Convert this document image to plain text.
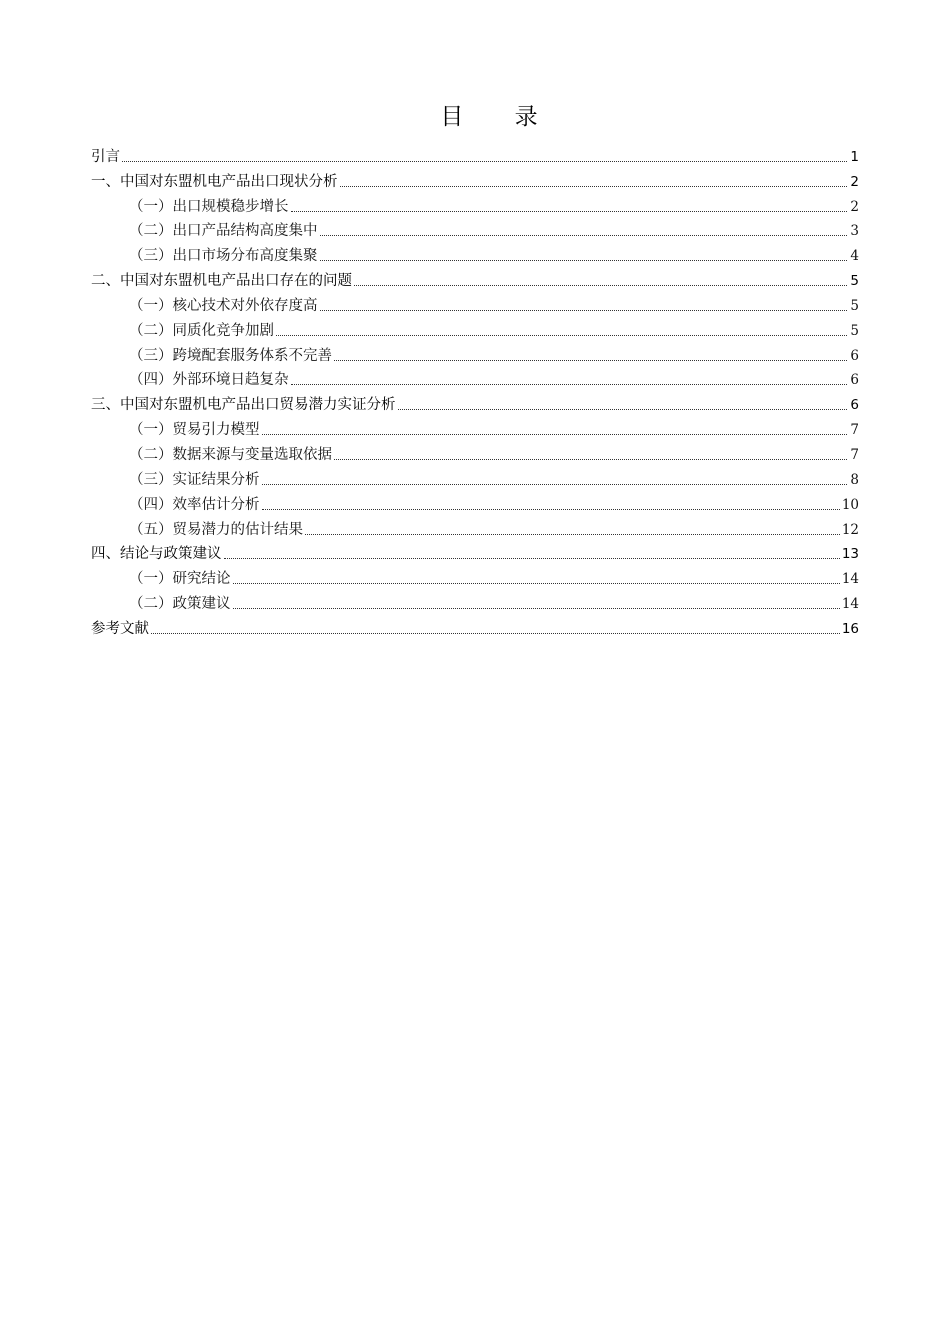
目 录
引言	1
一、中国对东盟机电产品出口现状分析	2
（一）出口规模稳步增长	2
（二）出口产品结构高度集中	3
（三）出口市场分布高度集聚	4
二、中国对东盟机电产品出口存在的问题	5
（一）核心技术对外依存度高	5
（二）同质化竞争加剧	5
（三）跨境配套服务体系不完善	6
（四）外部环境日趋复杂	6
三、中国对东盟机电产品出口贸易潜力实证分析	6
（一）贸易引力模型	7
（二）数据来源与变量选取依据	7
（三）实证结果分析	8
（四）效率估计分析	10
（五）贸易潜力的估计结果	12
四、结论与政策建议	13
（一）研究结论	14
（二）政策建议	14
参考文献	16
